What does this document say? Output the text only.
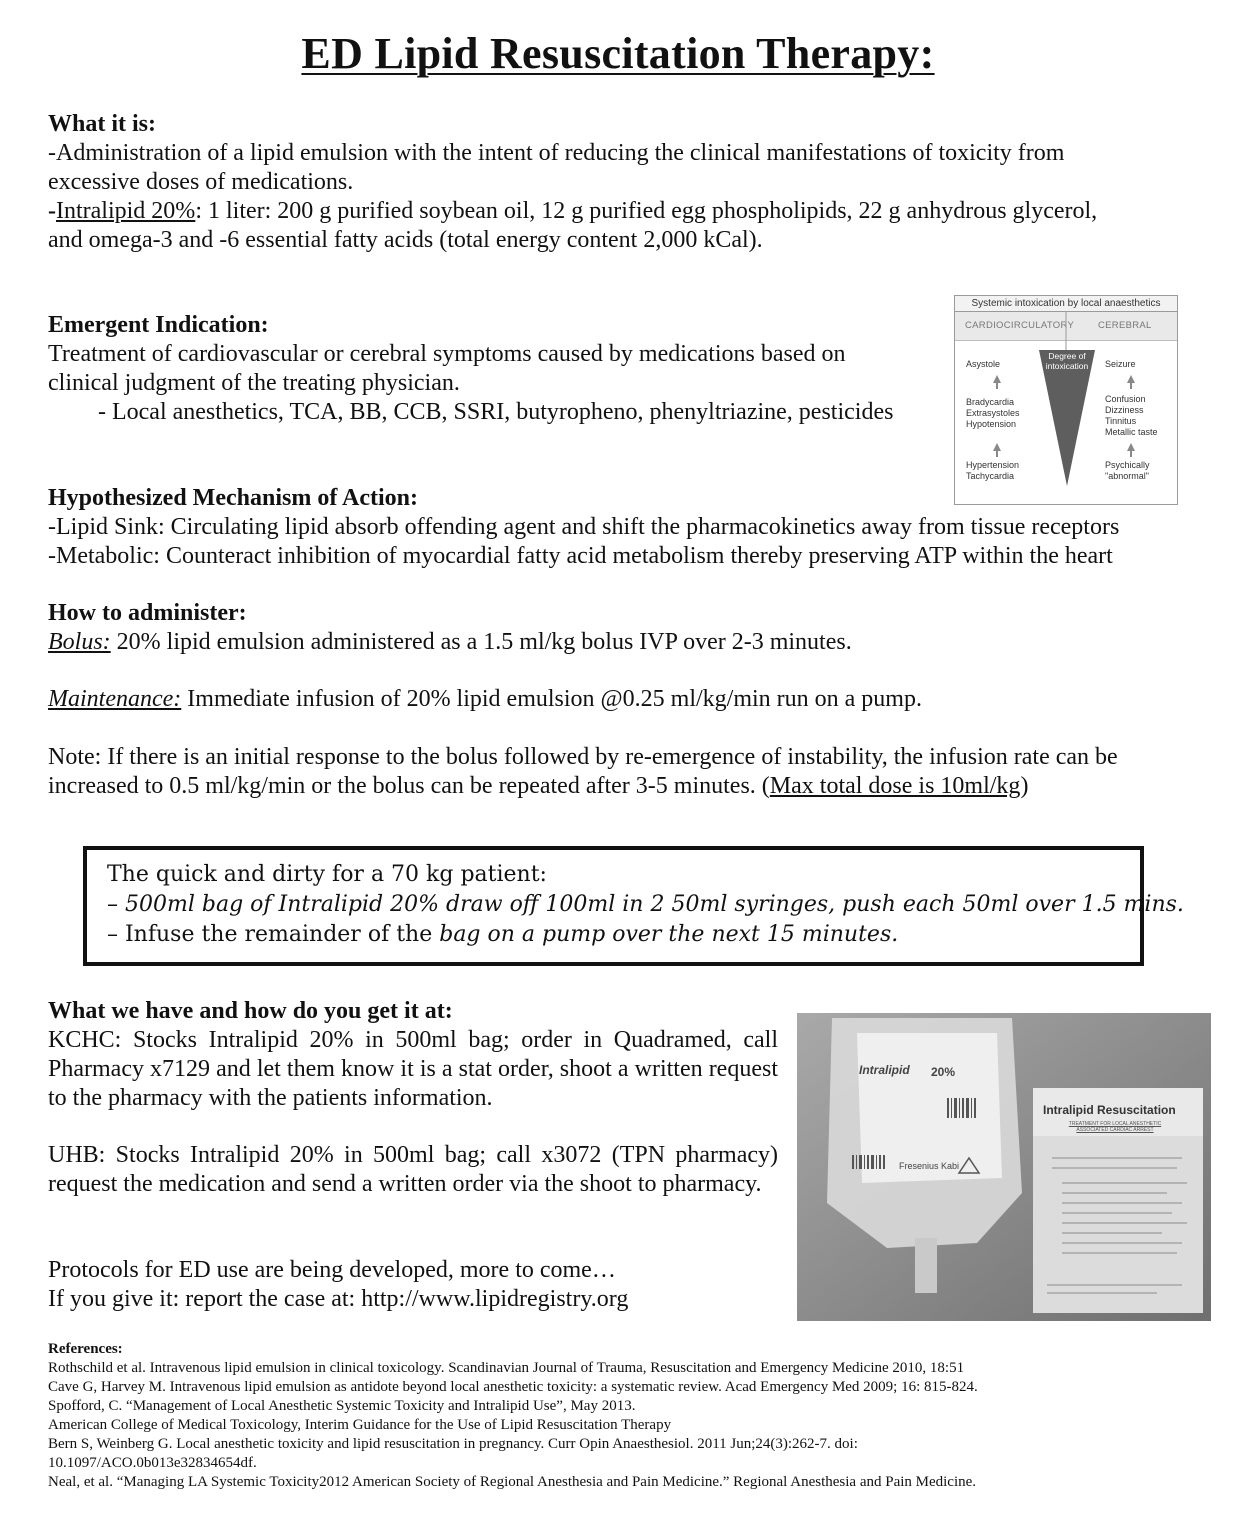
ED Lipid Resuscitation Therapy:
What it is:
-Administration of a lipid emulsion with the intent of reducing the clinical manifestations of toxicity from
excessive doses of medications.
-Intralipid 20%: 1 liter: 200 g purified soybean oil, 12 g purified egg phospholipids, 22 g anhydrous glycerol,
and omega-3 and -6 essential fatty acids (total energy content 2,000 kCal).
Emergent Indication:
Treatment of cardiovascular or cerebral symptoms caused by medications based on
clinical judgment of the treating physician.
- Local anesthetics, TCA, BB, CCB, SSRI, butyropheno, phenyltriazine, pesticides
Systemic intoxication by local anaesthetics
CARDIOCIRCULATORY	CEREBRAL
Degree of intoxication
Asystole
Bradycardia
Extrasystoles
Hypotension
Hypertension
Tachycardia
Seizure
Confusion
Dizziness
Tinnitus
Metallic taste
Psychically
"abnormal"
Hypothesized Mechanism of Action:
-Lipid Sink: Circulating lipid absorb offending agent and shift the pharmacokinetics away from tissue receptors
-Metabolic: Counteract inhibition of myocardial fatty acid metabolism thereby preserving ATP within the heart
How to administer:
Bolus: 20% lipid emulsion administered as a 1.5 ml/kg bolus IVP over 2-3 minutes.
Maintenance: Immediate infusion of 20% lipid emulsion @0.25 ml/kg/min run on a pump.
Note: If there is an initial response to the bolus followed by re-emergence of instability, the infusion rate can be
increased to 0.5 ml/kg/min or the bolus can be repeated after 3-5 minutes. (Max total dose is 10ml/kg)
The quick and dirty for a 70 kg patient:
– 500ml bag of Intralipid 20% draw off 100ml in 2 50ml syringes, push each 50ml over 1.5 mins.
– Infuse the remainder of the bag on a pump over the next 15 minutes.
What we have and how do you get it at:
KCHC: Stocks Intralipid 20% in 500ml bag; order in Quadramed, call Pharmacy x7129 and let them know it is a stat order, shoot a written request to the pharmacy with the patients information.
UHB: Stocks Intralipid 20% in 500ml bag; call x3072 (TPN pharmacy) request the medication and send a written order via the shoot to pharmacy.
Protocols for ED use are being developed, more to come…
If you give it: report the case at: http://www.lipidregistry.org
Intralipid 20%
Fresenius Kabi
Intralipid Resuscitation
TREATMENT FOR LOCAL ANESTHETIC ASSOCIATED CARDIAC ARREST
References:
Rothschild et al. Intravenous lipid emulsion in clinical toxicology. Scandinavian Journal of Trauma, Resuscitation and Emergency Medicine 2010, 18:51
Cave G, Harvey M. Intravenous lipid emulsion as antidote beyond local anesthetic toxicity: a systematic review. Acad Emergency Med 2009; 16: 815-824.
Spofford, C. “Management of Local Anesthetic Systemic Toxicity and Intralipid Use”, May 2013.
American College of Medical Toxicology, Interim Guidance for the Use of Lipid Resuscitation Therapy
Bern S, Weinberg G. Local anesthetic toxicity and lipid resuscitation in pregnancy. Curr Opin Anaesthesiol. 2011 Jun;24(3):262-7. doi:
10.1097/ACO.0b013e32834654df.
Neal, et al. “Managing LA Systemic Toxicity2012 American Society of Regional Anesthesia and Pain Medicine.” Regional Anesthesia and Pain Medicine.
